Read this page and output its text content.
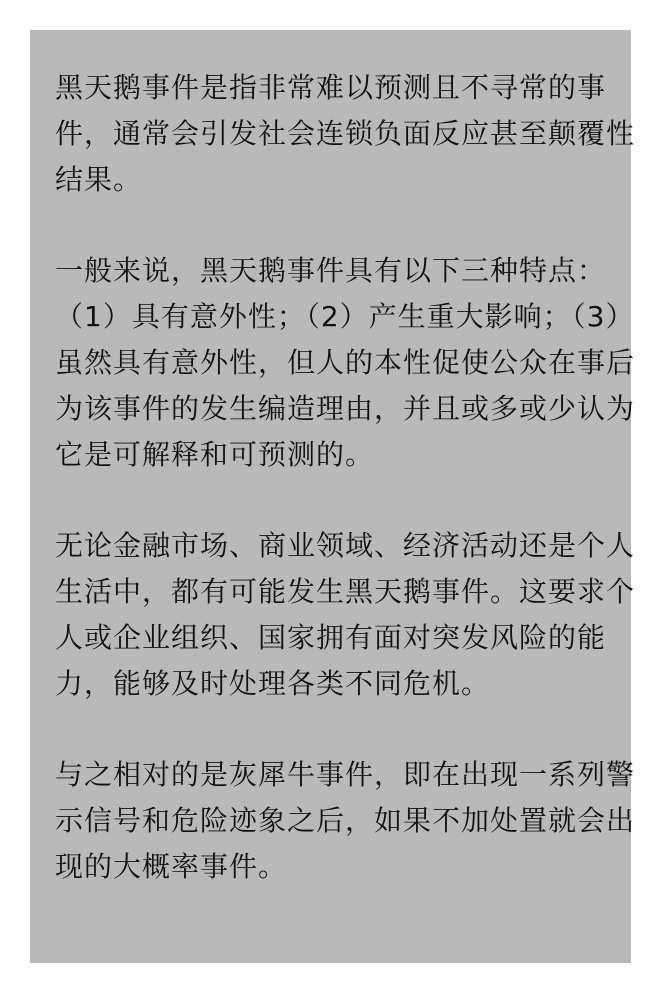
黑天鹅事件是指非常难以预测且不寻常的事
件，通常会引发社会连锁负面反应甚至颠覆性
结果。
一般来说，黑天鹅事件具有以下三种特点：
（1）具有意外性；（2）产生重大影响；（3）
虽然具有意外性，但人的本性促使公众在事后
为该事件的发生编造理由，并且或多或少认为
它是可解释和可预测的。
无论金融市场、商业领域、经济活动还是个人
生活中，都有可能发生黑天鹅事件。这要求个
人或企业组织、国家拥有面对突发风险的能
力，能够及时处理各类不同危机。
与之相对的是灰犀牛事件，即在出现一系列警
示信号和危险迹象之后，如果不加处置就会出
现的大概率事件。
